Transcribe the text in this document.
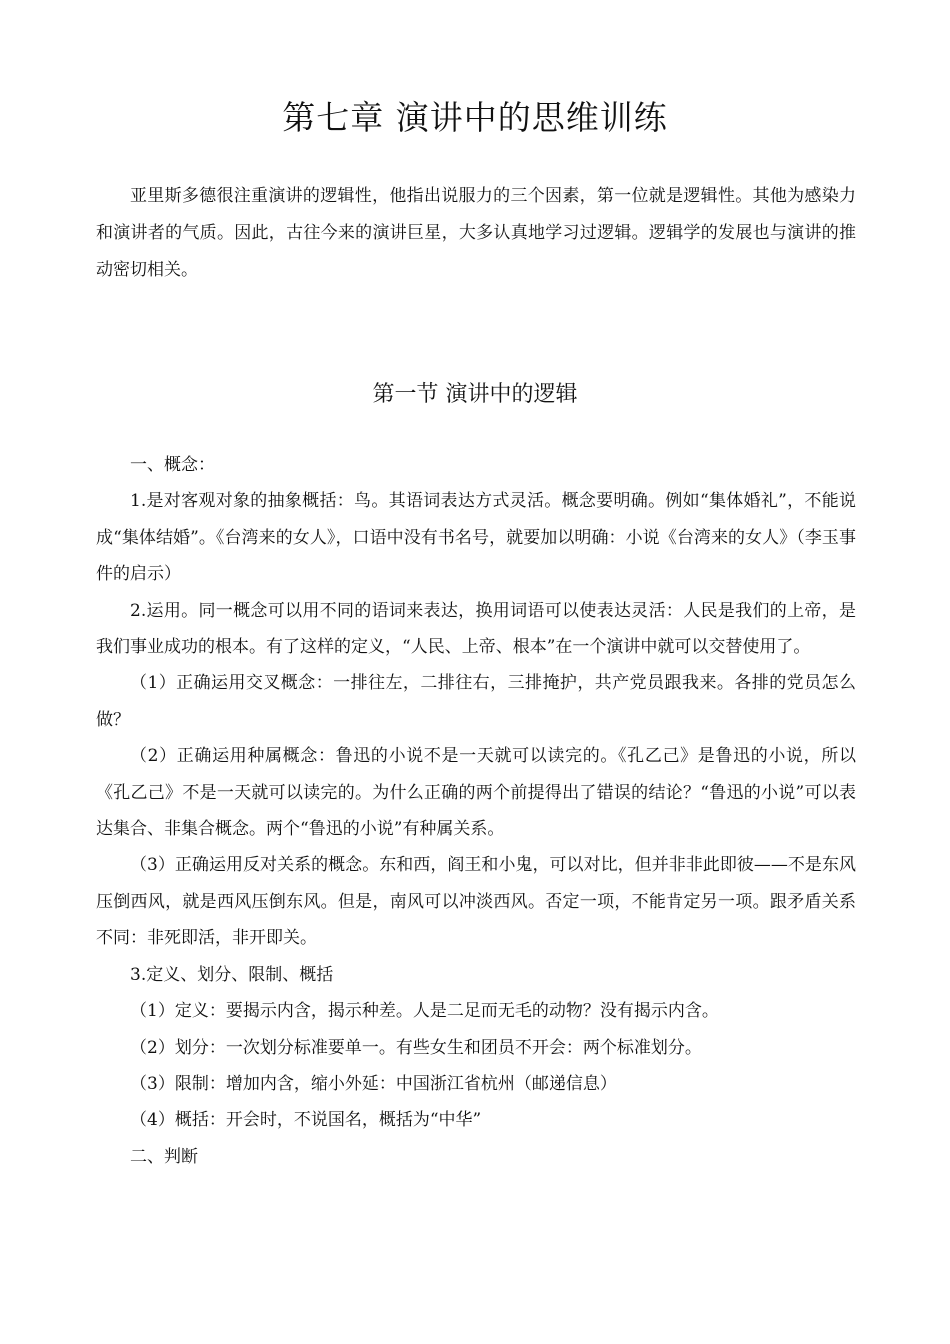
第七章 演讲中的思维训练
亚里斯多德很注重演讲的逻辑性，他指出说服力的三个因素，第一位就是逻辑性。其他为感染力和演讲者的气质。因此，古往今来的演讲巨星，大多认真地学习过逻辑。逻辑学的发展也与演讲的推动密切相关。
第一节 演讲中的逻辑

一、概念：

1.是对客观对象的抽象概括：鸟。其语词表达方式灵活。概念要明确。例如“集体婚礼”，不能说成“集体结婚”。《台湾来的女人》，口语中没有书名号，就要加以明确：小说《台湾来的女人》（李玉事件的启示）

2.运用。同一概念可以用不同的语词来表达，换用词语可以使表达灵活：人民是我们的上帝，是我们事业成功的根本。有了这样的定义，“人民、上帝、根本”在一个演讲中就可以交替使用了。

（1）正确运用交叉概念：一排往左，二排往右，三排掩护，共产党员跟我来。各排的党员怎么做？

（2）正确运用种属概念：鲁迅的小说不是一天就可以读完的。《孔乙己》是鲁迅的小说，所以《孔乙己》不是一天就可以读完的。为什么正确的两个前提得出了错误的结论？“鲁迅的小说”可以表达集合、非集合概念。两个“鲁迅的小说”有种属关系。

（3）正确运用反对关系的概念。东和西，阎王和小鬼，可以对比，但并非非此即彼——不是东风压倒西风，就是西风压倒东风。但是，南风可以冲淡西风。否定一项，不能肯定另一项。跟矛盾关系不同：非死即活，非开即关。

3.定义、划分、限制、概括

（1）定义：要揭示内含，揭示种差。人是二足而无毛的动物？没有揭示内含。

（2）划分：一次划分标准要单一。有些女生和团员不开会：两个标准划分。

（3）限制：增加内含，缩小外延：中国浙江省杭州（邮递信息）

（4）概括：开会时，不说国名，概括为“中华”

二、判断
